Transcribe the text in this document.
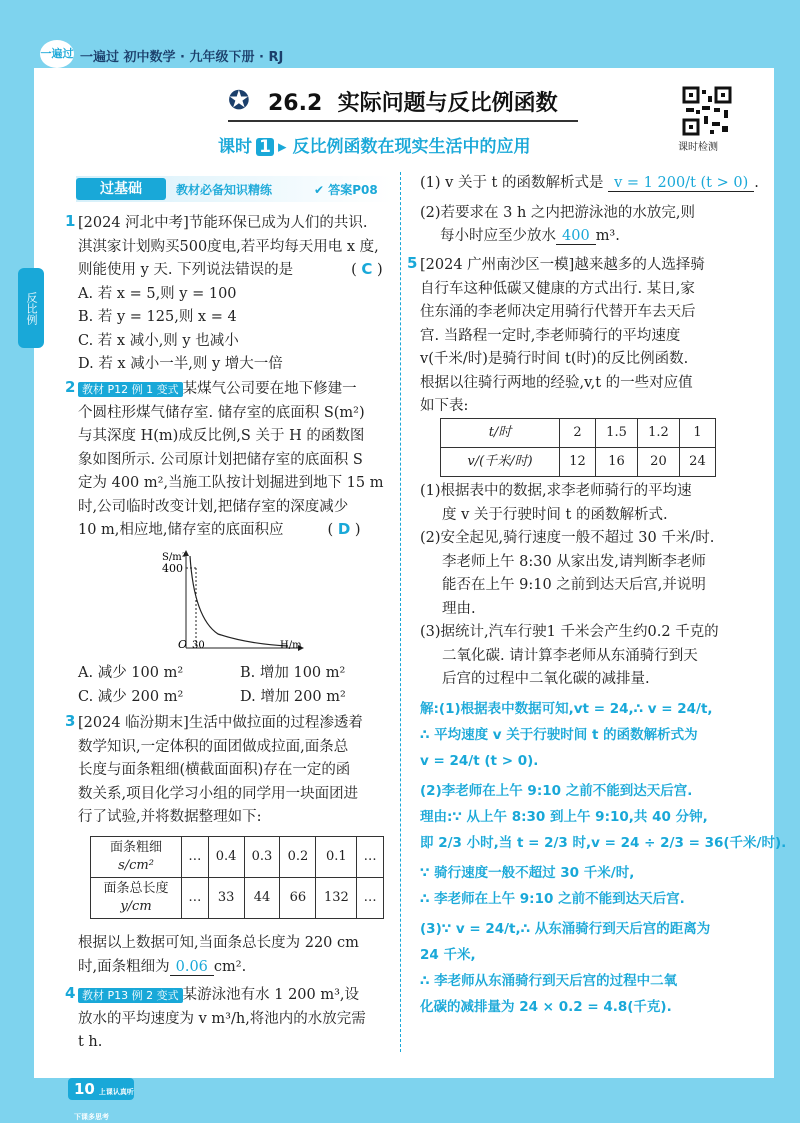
一遍过 一遍过 初中数学 · 九年级下册 · RJ
反比例
✪ 26.2 实际问题与反比例函数
课时检测
课时 1 ▸ 反比例函数在现实生活中的应用
过基础	教材必备知识精练	✔ 答案P08
1 [2024 河北中考]节能环保已成为人们的共识.
淇淇家计划购买500度电,若平均每天用电 x 度,
则能使用 y 天. 下列说法错误的是	( C )
A. 若 x = 5,则 y = 100
B. 若 y = 125,则 x = 4
C. 若 x 减小,则 y 也减小
D. 若 x 减小一半,则 y 增大一倍
2 教材 P12 例 1 变式 某煤气公司要在地下修建一
个圆柱形煤气储存室. 储存室的底面积 S(m²)
与其深度 H(m)成反比例,S 关于 H 的函数图
象如图所示. 公司原计划把储存室的底面积 S
定为 400 m²,当施工队按计划掘进到地下 15 m
时,公司临时改变计划,把储存室的深度减少
10 m,相应地,储存室的底面积应	( D )
S/m²
400
O 30	H/m
A. 减少 100 m²	B. 增加 100 m²
C. 减少 200 m²	D. 增加 200 m²
3 [2024 临汾期末]生活中做拉面的过程渗透着
数学知识,一定体积的面团做成拉面,面条总
长度与面条粗细(横截面面积)存在一定的函
数关系,项目化学习小组的同学用一块面团进
行了试验,并将数据整理如下:
面条粗细
s/cm²	…	0.4	0.3	0.2	0.1	…
面条总长度
y/cm	…	33	44	66	132	…
根据以上数据可知,当面条总长度为 220 cm
时,面条粗细为 0.06 cm².
4 教材 P13 例 2 变式 某游泳池有水 1 200 m³,设
放水的平均速度为 v m³/h,将池内的水放完需
t h.
(1) v 关于 t 的函数解析式是 v = 1 200/t (t > 0) .
(2)若要求在 3 h 之内把游泳池的水放完,则
每小时应至少放水 400 m³.
5 [2024 广州南沙区一模]越来越多的人选择骑
自行车这种低碳又健康的方式出行. 某日,家
住东涌的李老师决定用骑行代替开车去天后
宫. 当路程一定时,李老师骑行的平均速度
v(千米/时)是骑行时间 t(时)的反比例函数.
根据以往骑行两地的经验,v,t 的一些对应值
如下表:
t/时	2	1.5	1.2	1
v/(千米/时)	12	16	20	24
(1)根据表中的数据,求李老师骑行的平均速
度 v 关于行驶时间 t 的函数解析式.
(2)安全起见,骑行速度一般不超过 30 千米/时.
李老师上午 8:30 从家出发,请判断李老师
能否在上午 9:10 之前到达天后宫,并说明
理由.
(3)据统计,汽车行驶1 千米会产生约0.2 千克的
二氧化碳. 请计算李老师从东涌骑行到天
后宫的过程中二氧化碳的减排量.
解:(1)根据表中数据可知,vt = 24,∴ v = 24/t,
∴ 平均速度 v 关于行驶时间 t 的函数解析式为
v = 24/t (t > 0).
(2)李老师在上午 9:10 之前不能到达天后宫.
理由:∵ 从上午 8:30 到上午 9:10,共 40 分钟,
即 2/3 小时,当 t = 2/3 时,v = 24 ÷ 2/3 = 36(千米/时).
∵ 骑行速度一般不超过 30 千米/时,
∴ 李老师在上午 9:10 之前不能到达天后宫.
(3)∵ v = 24/t,∴ 从东涌骑行到天后宫的距离为
24 千米,
∴ 李老师从东涌骑行到天后宫的过程中二氧
化碳的减排量为 24 × 0.2 = 4.8(千克).
10 上课认真听 下课多思考
